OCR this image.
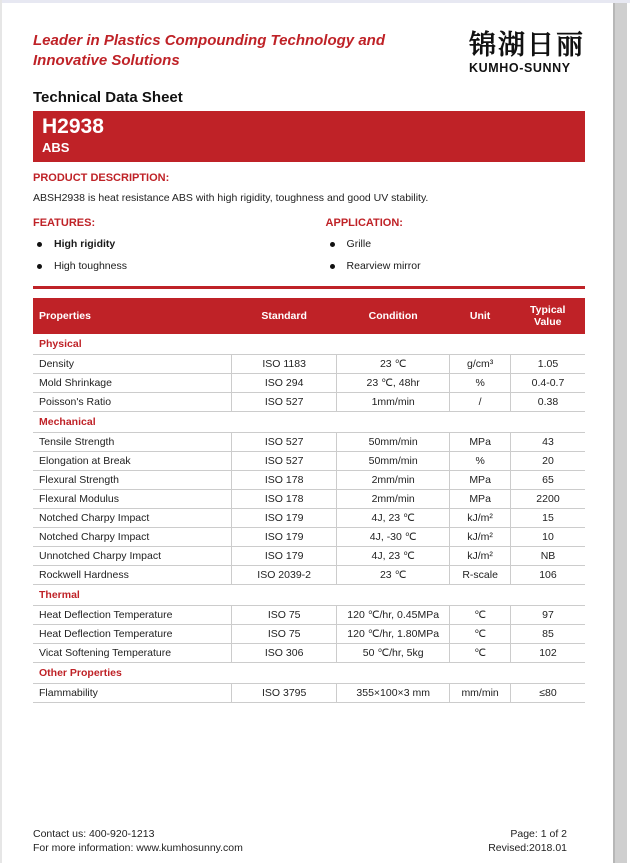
Leader in Plastics Compounding Technology and Innovative Solutions
锦湖日丽
KUMHO-SUNNY
Technical Data Sheet
H2938
ABS
PRODUCT DESCRIPTION:
ABSH2938 is heat resistance ABS with high rigidity, toughness and good UV stability.
FEATURES:
High rigidity
High toughness
APPLICATION:
Grille
Rearview mirror
Properties	Standard	Condition	Unit	Typical Value
Physical				
Density	ISO 1183	23 ℃	g/cm³	1.05
Mold Shrinkage	ISO 294	23 ℃, 48hr	%	0.4-0.7
Poisson's Ratio	ISO 527	1mm/min	/	0.38
Mechanical				
Tensile Strength	ISO 527	50mm/min	MPa	43
Elongation at Break	ISO 527	50mm/min	%	20
Flexural Strength	ISO 178	2mm/min	MPa	65
Flexural Modulus	ISO 178	2mm/min	MPa	2200
Notched Charpy Impact	ISO 179	4J, 23 ℃	kJ/m²	15
Notched Charpy Impact	ISO 179	4J, -30 ℃	kJ/m²	10
Unnotched Charpy Impact	ISO 179	4J, 23 ℃	kJ/m²	NB
Rockwell Hardness	ISO 2039-2	23 ℃	R-scale	106
Thermal				
Heat Deflection Temperature	ISO 75	120 ℃/hr, 0.45MPa	℃	97
Heat Deflection Temperature	ISO 75	120 ℃/hr, 1.80MPa	℃	85
Vicat Softening Temperature	ISO 306	50 ℃/hr, 5kg	℃	102
Other Properties				
Flammability	ISO 3795	355×100×3 mm	mm/min	≤80
Contact us: 400-920-1213
For more information: www.kumhosunny.com
Page: 1 of 2
Revised:2018.01
